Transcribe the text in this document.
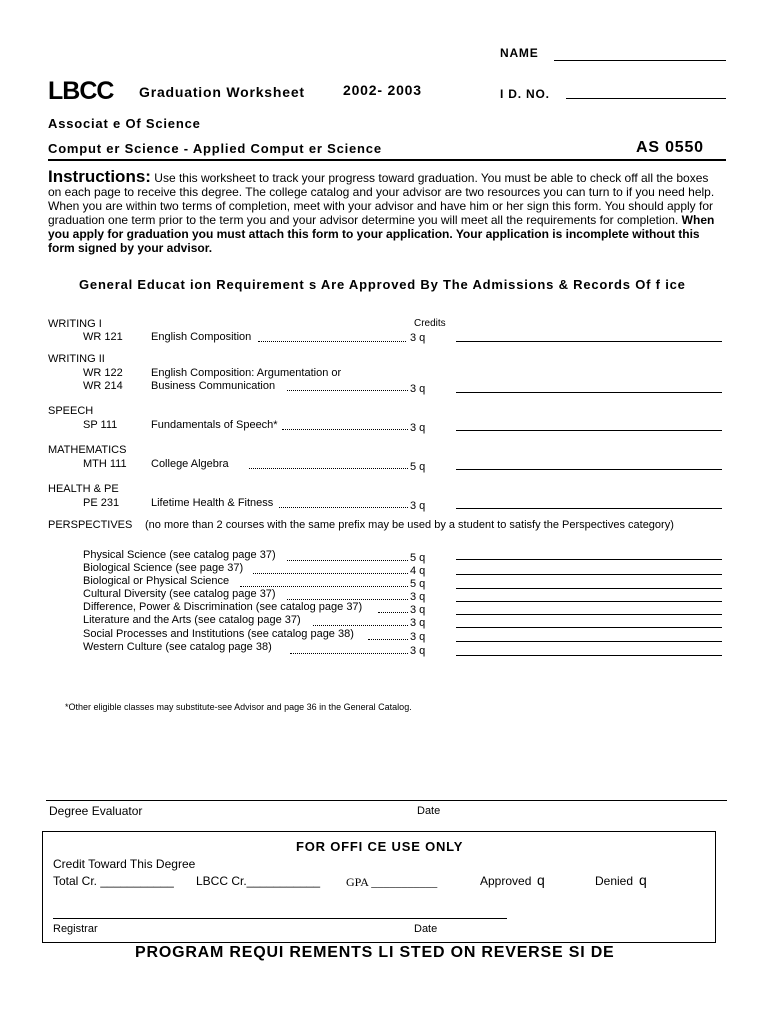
NAME
LBCC Graduation Worksheet	2002- 2003	I D. NO.
Associat e Of Science
Comput er Science - Applied Comput er Science	AS 0550
Instructions: Use this worksheet to track your progress toward graduation. You must be able to check off all the boxes on each page to receive this degree. The college catalog and your advisor are two resources you can turn to if you need help. When you are within two terms of completion, meet with your advisor and have him or her sign this form. You should apply for graduation one term prior to the term you and your advisor determine you will meet all the requirements for completion. When you apply for graduation you must attach this form to your application. Your application is incomplete without this form signed by your advisor.
General Educat ion Requirement s Are Approved By The Admissions & Records Of f ice
Credits
WRITING I
WR 121	English Composition	3 q
WRITING II
WR 122	English Composition: Argumentation or
WR 214	Business Communication	3 q
SPEECH
SP 111	Fundamentals of Speech*	3 q
MATHEMATICS
MTH 111 College Algebra	5 q
HEALTH & PE
PE 231	Lifetime Health & Fitness	3 q
PERSPECTIVES (no more than 2 courses with the same prefix may be used by a student to satisfy the Perspectives category)
Physical Science (see catalog page 37)	5 q
Biological Science (see page 37)	4 q
Biological or Physical Science	5 q
Cultural Diversity (see catalog page 37)	3 q
Difference, Power & Discrimination (see catalog page 37)	3 q
Literature and the Arts (see catalog page 37)	3 q
Social Processes and Institutions (see catalog page 38)	3 q
Western Culture (see catalog page 38)	3 q
*Other eligible classes may substitute-see Advisor and page 36 in the General Catalog.
Degree Evaluator	Date
FOR OFFI CE USE ONLY
Credit Toward This Degree
Total Cr. ___________ LBCC Cr.___________ GPA ___________	Approved q	Denied q
Registrar	Date
PROGRAM REQUI REMENTS LI STED ON REVERSE SI DE
